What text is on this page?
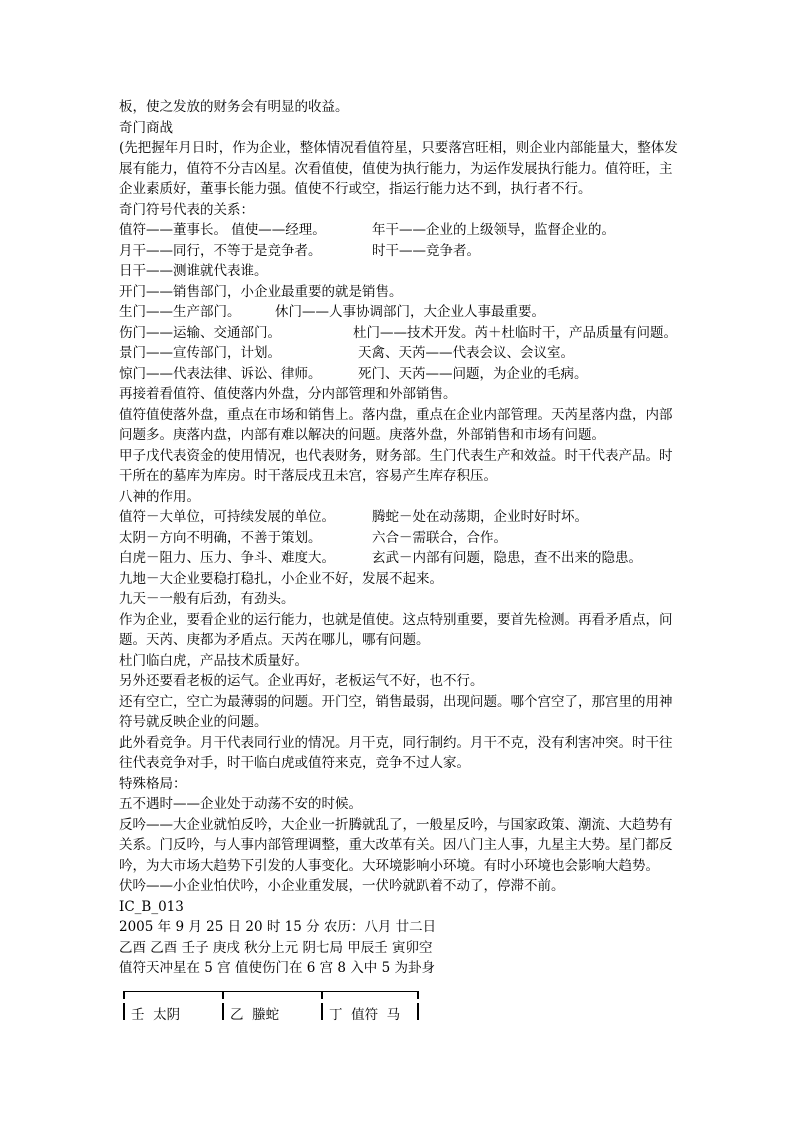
板，使之发放的财务会有明显的收益。
奇门商战
(先把握年月日时，作为企业，整体情况看值符星，只要落宫旺相，则企业内部能量大，整体发展有能力，值符不分吉凶星。次看值使，值使为执行能力，为运作发展执行能力。值符旺，主企业素质好，董事长能力强。值使不行或空，指运行能力达不到，执行者不行。
奇门符号代表的关系：
值符——董事长。 值使——经理。	年干——企业的上级领导，监督企业的。
月干——同行，不等于是竞争者。	时干——竞争者。
日干——测谁就代表谁。
开门——销售部门，小企业最重要的就是销售。
生门——生产部门。	休门——人事协调部门，大企业人事最重要。
伤门——运输、交通部门。	杜门——技术开发。芮＋杜临时干，产品质量有问题。
景门——宣传部门，计划。	天禽、天芮——代表会议、会议室。
惊门——代表法律、诉讼、律师。	死门、天芮——问题，为企业的毛病。
再接着看值符、值使落内外盘，分内部管理和外部销售。
值符值使落外盘，重点在市场和销售上。落内盘，重点在企业内部管理。天芮星落内盘，内部问题多。庚落内盘，内部有难以解决的问题。庚落外盘，外部销售和市场有问题。
甲子戊代表资金的使用情况，也代表财务，财务部。生门代表生产和效益。时干代表产品。时干所在的墓库为库房。时干落辰戌丑未宫，容易产生库存积压。
八神的作用。
值符－大单位，可持续发展的单位。	腾蛇－处在动荡期，企业时好时坏。
太阴－方向不明确，不善于策划。	六合－需联合，合作。
白虎－阻力、压力、争斗、难度大。	玄武－内部有问题，隐患，查不出来的隐患。
九地－大企业要稳打稳扎，小企业不好，发展不起来。
九天－一般有后劲，有劲头。
作为企业，要看企业的运行能力，也就是值使。这点特别重要，要首先检测。再看矛盾点，问题。天芮、庚都为矛盾点。天芮在哪儿，哪有问题。
杜门临白虎，产品技术质量好。
另外还要看老板的运气。企业再好，老板运气不好，也不行。
还有空亡，空亡为最薄弱的问题。开门空，销售最弱，出现问题。哪个宫空了，那宫里的用神符号就反映企业的问题。
此外看竞争。月干代表同行业的情况。月干克，同行制约。月干不克，没有利害冲突。时干往往代表竞争对手，时干临白虎或值符来克，竞争不过人家。
特殊格局：
五不遇时——企业处于动荡不安的时候。
反吟——大企业就怕反吟，大企业一折腾就乱了，一般星反吟，与国家政策、潮流、大趋势有关系。门反吟，与人事内部管理调整，重大改革有关。因八门主人事，九星主大势。星门都反吟，为大市场大趋势下引发的人事变化。大环境影响小环境。有时小环境也会影响大趋势。
伏吟——小企业怕伏吟，小企业重发展，一伏吟就趴着不动了，停滞不前。
IC_B_013
2005 年 9 月 25 日 20 时 15 分 农历：八月 廿二日
乙酉 乙酉 壬子 庚戌 秋分上元 阴七局 甲辰壬 寅卯空
值符天冲星在 5 宫 值使伤门在 6 宫 8 入中 5 为卦身
壬  太阴	乙  螣蛇	丁  值符  马
